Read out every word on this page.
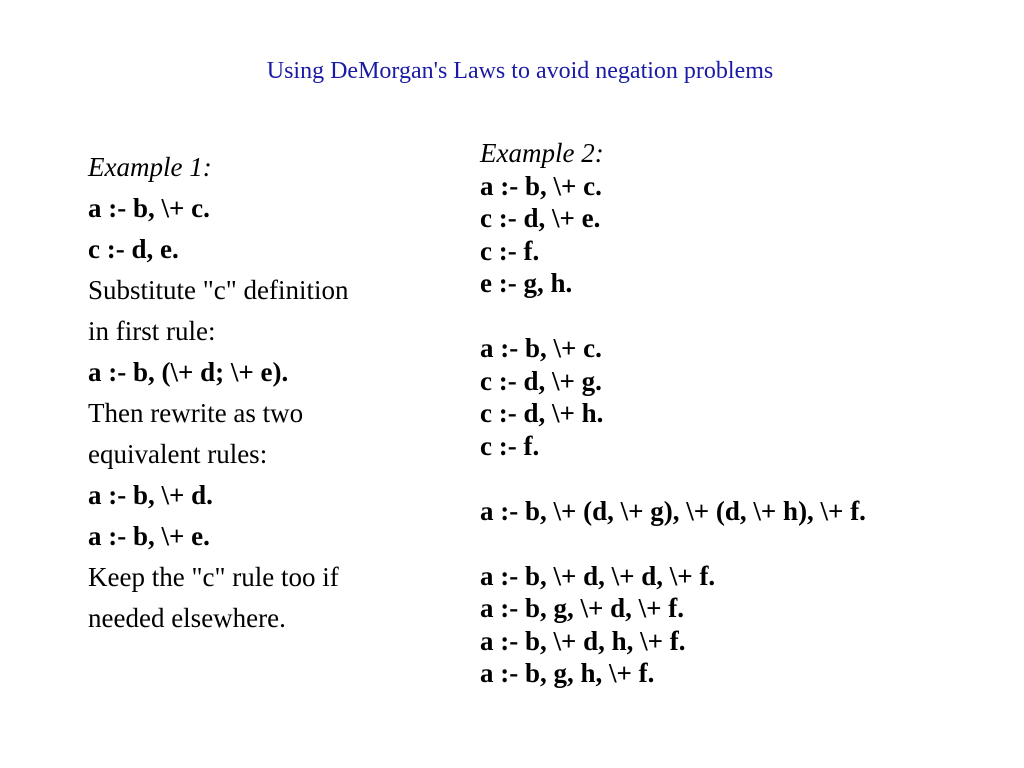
Using DeMorgan's Laws to avoid negation problems
Example 1:
a :- b, \+ c.
c :- d, e.
Substitute "c" definition
in first rule:
a :- b, (\+ d; \+ e).
Then rewrite as two
equivalent rules:
a :- b, \+ d.
a :- b, \+ e.
Keep the "c" rule too if
needed elsewhere.
Example 2:
a :- b, \+ c.
c :- d, \+ e.
c :- f.
e :- g, h.
a :- b, \+ c.
c :- d, \+ g.
c :- d, \+ h.
c :- f.
a :- b, \+ (d, \+ g), \+ (d, \+ h), \+ f.
a :- b, \+ d, \+ d, \+ f.
a :- b, g, \+ d, \+ f.
a :- b, \+ d, h, \+ f.
a :- b, g, h, \+ f.
